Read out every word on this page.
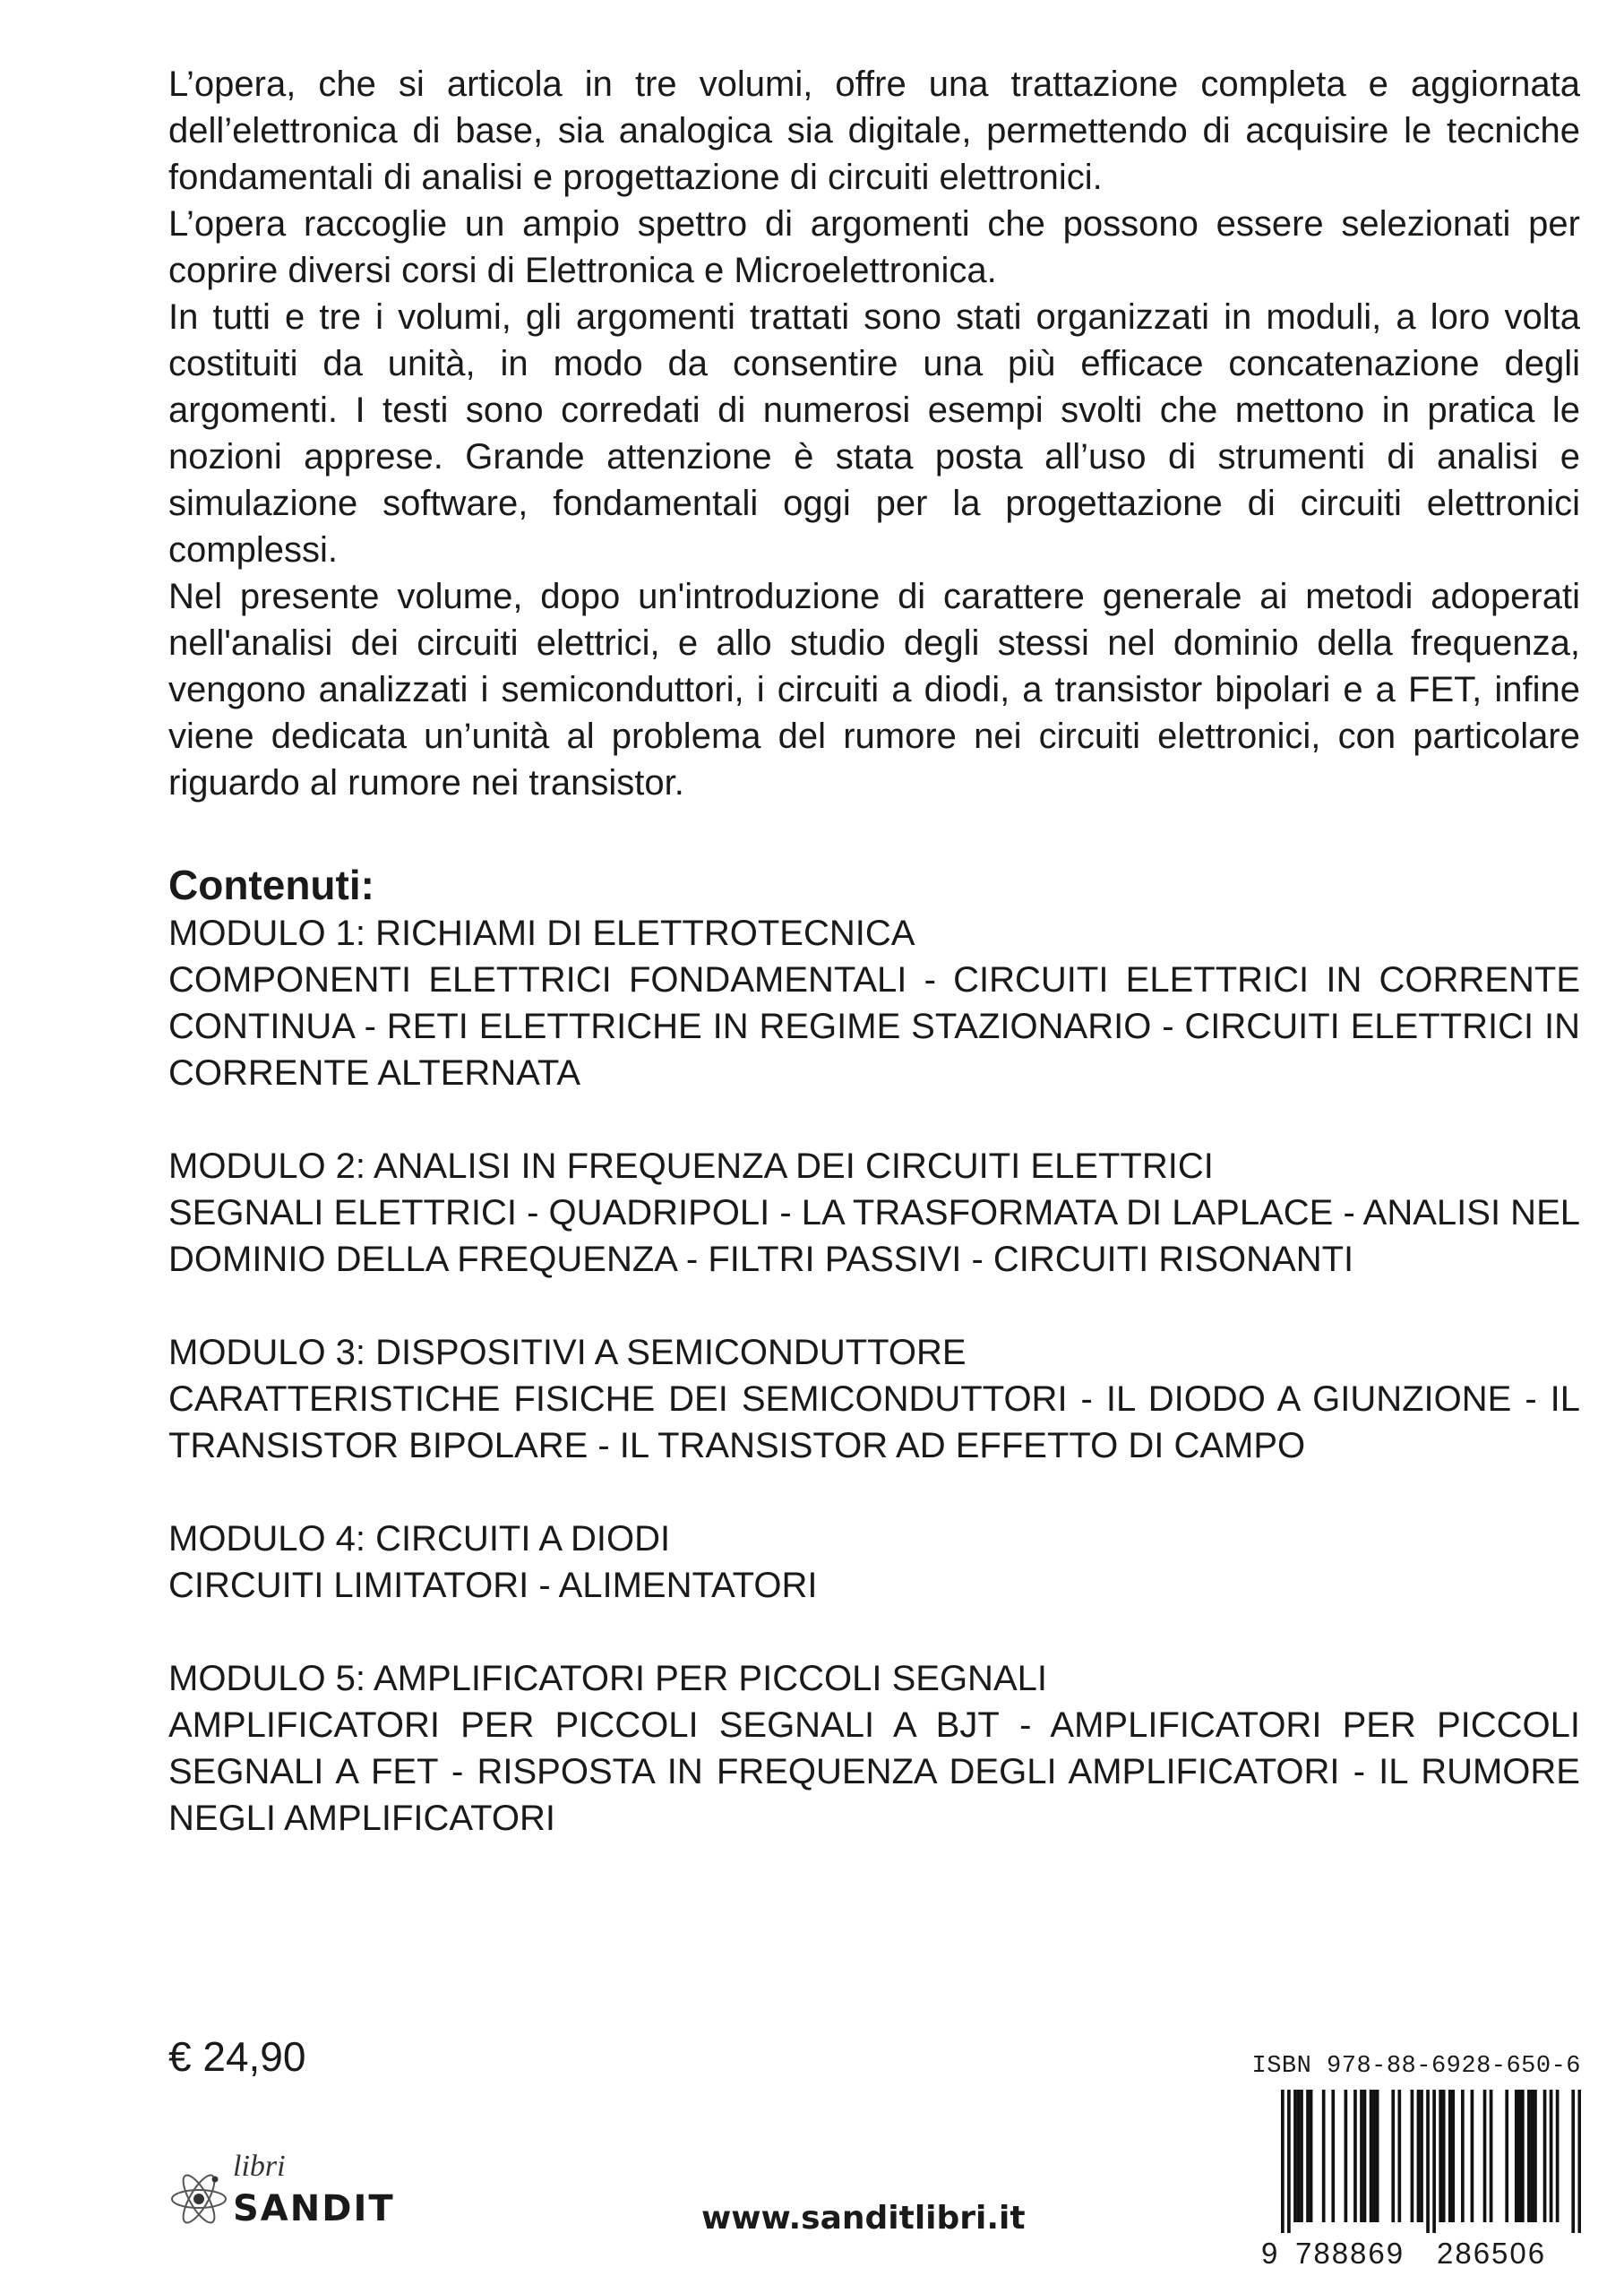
L’opera, che si articola in tre volumi, offre una trattazione completa e aggiornata dell’elettronica di base, sia analogica sia digitale, permettendo di acquisire le tecniche fondamentali di analisi e progettazione di circuiti elettronici.

L’opera raccoglie un ampio spettro di argomenti che possono essere selezionati per coprire diversi corsi di Elettronica e Microelettronica.

In tutti e tre i volumi, gli argomenti trattati sono stati organizzati in moduli, a loro volta costituiti da unità, in modo da consentire una più efficace concatenazione degli argomenti. I testi sono corredati di numerosi esempi svolti che mettono in pratica le nozioni apprese. Grande attenzione è stata posta all’uso di strumenti di analisi e simulazione software, fondamentali oggi per la progettazione di circuiti elettronici complessi.

Nel presente volume, dopo un'introduzione di carattere generale ai metodi adoperati nell'analisi dei circuiti elettrici, e allo studio degli stessi nel dominio della frequenza, vengono analizzati i semiconduttori, i circuiti a diodi, a transistor bipolari e a FET, infine viene dedicata un’unità al problema del rumore nei circuiti elettronici, con particolare riguardo al rumore nei transistor.

Contenuti:
MODULO 1: RICHIAMI DI ELETTROTECNICA
COMPONENTI ELETTRICI FONDAMENTALI - CIRCUITI ELETTRICI IN CORRENTE CONTINUA - RETI ELETTRICHE IN REGIME STAZIONARIO - CIRCUITI ELETTRICI IN CORRENTE ALTERNATA
MODULO 2: ANALISI IN FREQUENZA DEI CIRCUITI ELETTRICI
SEGNALI ELETTRICI - QUADRIPOLI - LA TRASFORMATA DI LAPLACE - ANALISI NEL DOMINIO DELLA FREQUENZA - FILTRI PASSIVI - CIRCUITI RISONANTI
MODULO 3: DISPOSITIVI A SEMICONDUTTORE
CARATTERISTICHE FISICHE DEI SEMICONDUTTORI - IL DIODO A GIUNZIONE - IL TRANSISTOR BIPOLARE - IL TRANSISTOR AD EFFETTO DI CAMPO
MODULO 4: CIRCUITI A DIODI
CIRCUITI LIMITATORI - ALIMENTATORI
MODULO 5: AMPLIFICATORI PER PICCOLI SEGNALI
AMPLIFICATORI PER PICCOLI SEGNALI A BJT - AMPLIFICATORI PER PICCOLI SEGNALI A FET - RISPOSTA IN FREQUENZA DEGLI AMPLIFICATORI - IL RUMORE NEGLI AMPLIFICATORI
€ 24,90	ISBN 978-88-6928-650-6
9 788869 286506
libri
SANDIT	www.sanditlibri.it
